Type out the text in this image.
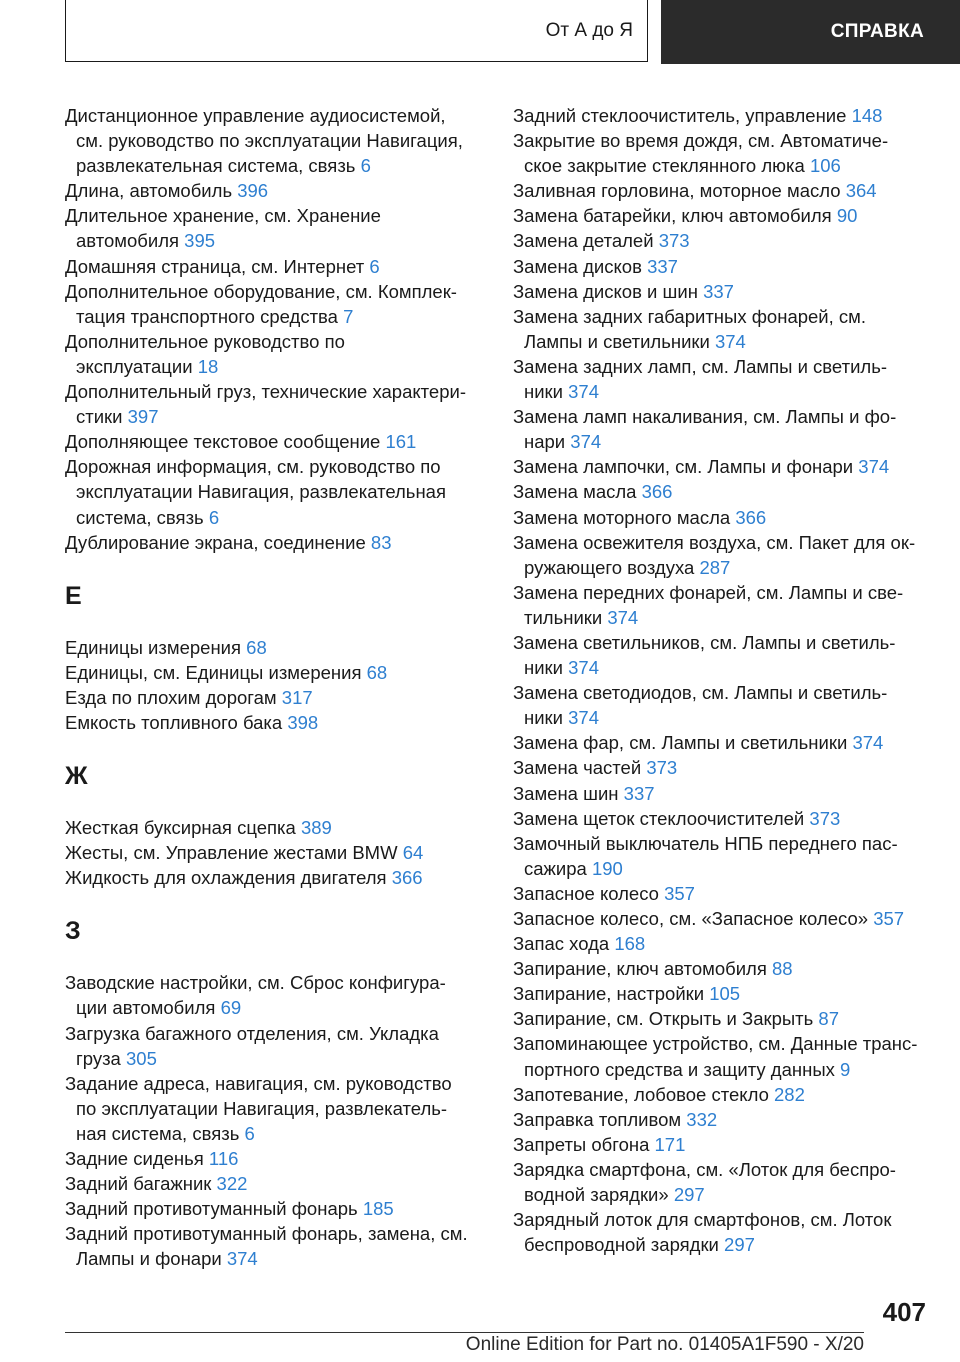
От А до Я	СПРАВКА
Дистанционное управление аудиосистемой,
см. руководство по эксплуатации Навигация,
развлекательная система, связь 6
Длина, автомобиль 396
Длительное хранение, см. Хранение
автомобиля 395
Домашняя страница, см. Интернет 6
Дополнительное оборудование, см. Комплек-
тация транспортного средства 7
Дополнительное руководство по
эксплуатации 18
Дополнительный груз, технические характери-
стики 397
Дополняющее текстовое сообщение 161
Дорожная информация, см. руководство по
эксплуатации Навигация, развлекательная
система, связь 6
Дублирование экрана, соединение 83
Е
Единицы измерения 68
Единицы, см. Единицы измерения 68
Езда по плохим дорогам 317
Емкость топливного бака 398
Ж
Жесткая буксирная сцепка 389
Жесты, см. Управление жестами BMW 64
Жидкость для охлаждения двигателя 366
З
Заводские настройки, см. Сброс конфигура-
ции автомобиля 69
Загрузка багажного отделения, см. Укладка
груза 305
Задание адреса, навигация, см. руководство
по эксплуатации Навигация, развлекатель-
ная система, связь 6
Задние сиденья 116
Задний багажник 322
Задний противотуманный фонарь 185
Задний противотуманный фонарь, замена, см.
Лампы и фонари 374
Задний стеклоочиститель, управление 148
Закрытие во время дождя, см. Автоматиче-
ское закрытие стеклянного люка 106
Заливная горловина, моторное масло 364
Замена батарейки, ключ автомобиля 90
Замена деталей 373
Замена дисков 337
Замена дисков и шин 337
Замена задних габаритных фонарей, см.
Лампы и светильники 374
Замена задних ламп, см. Лампы и светиль-
ники 374
Замена ламп накаливания, см. Лампы и фо-
нари 374
Замена лампочки, см. Лампы и фонари 374
Замена масла 366
Замена моторного масла 366
Замена освежителя воздуха, см. Пакет для ок-
ружающего воздуха 287
Замена передних фонарей, см. Лампы и све-
тильники 374
Замена светильников, см. Лампы и светиль-
ники 374
Замена светодиодов, см. Лампы и светиль-
ники 374
Замена фар, см. Лампы и светильники 374
Замена частей 373
Замена шин 337
Замена щеток стеклоочистителей 373
Замочный выключатель НПБ переднего пас-
сажира 190
Запасное колесо 357
Запасное колесо, см. «Запасное колесо» 357
Запас хода 168
Запирание, ключ автомобиля 88
Запирание, настройки 105
Запирание, см. Открыть и Закрыть 87
Запоминающее устройство, см. Данные транс-
портного средства и защиту данных 9
Запотевание, лобовое стекло 282
Заправка топливом 332
Запреты обгона 171
Зарядка смартфона, см. «Лоток для беспро-
водной зарядки» 297
Зарядный лоток для смартфонов, см. Лоток
беспроводной зарядки 297
407
Online Edition for Part no. 01405A1F590 - X/20
